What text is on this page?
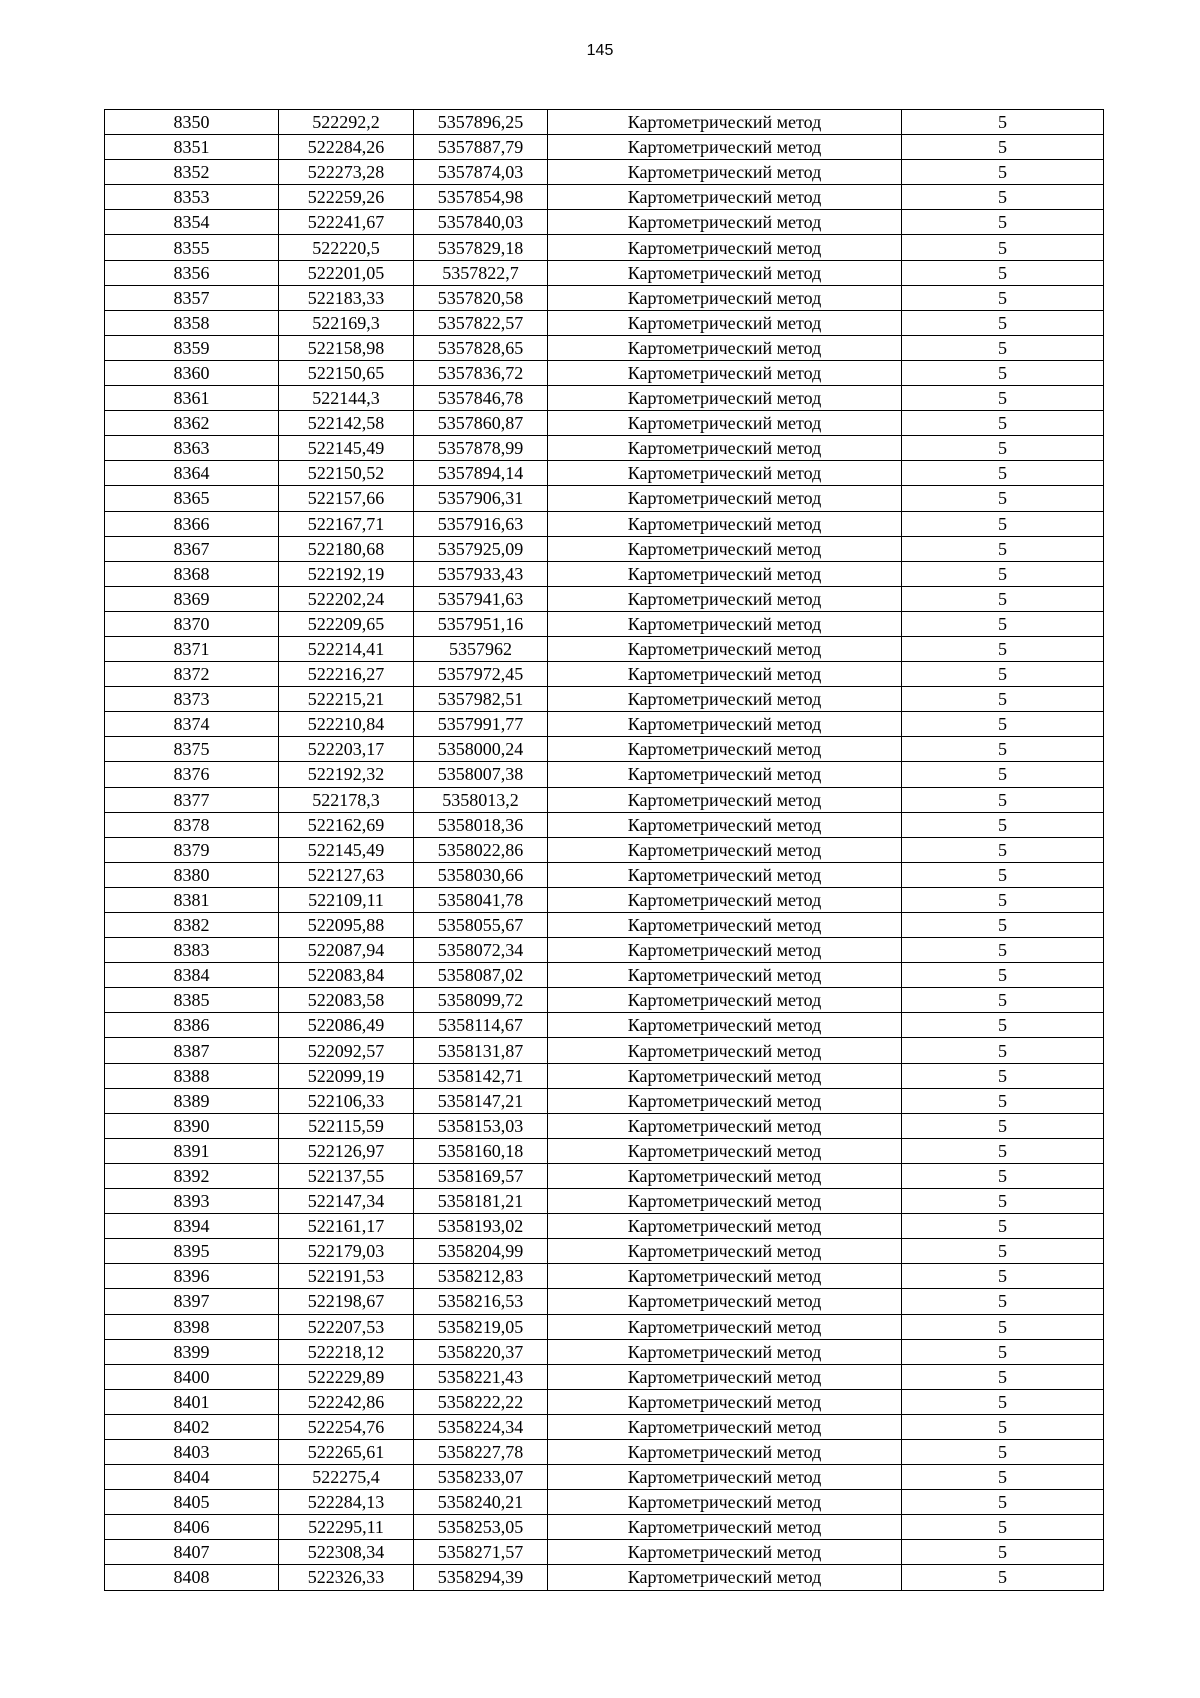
145
8350	522292,2	5357896,25	Картометрический метод	5
8351	522284,26	5357887,79	Картометрический метод	5
8352	522273,28	5357874,03	Картометрический метод	5
8353	522259,26	5357854,98	Картометрический метод	5
8354	522241,67	5357840,03	Картометрический метод	5
8355	522220,5	5357829,18	Картометрический метод	5
8356	522201,05	5357822,7	Картометрический метод	5
8357	522183,33	5357820,58	Картометрический метод	5
8358	522169,3	5357822,57	Картометрический метод	5
8359	522158,98	5357828,65	Картометрический метод	5
8360	522150,65	5357836,72	Картометрический метод	5
8361	522144,3	5357846,78	Картометрический метод	5
8362	522142,58	5357860,87	Картометрический метод	5
8363	522145,49	5357878,99	Картометрический метод	5
8364	522150,52	5357894,14	Картометрический метод	5
8365	522157,66	5357906,31	Картометрический метод	5
8366	522167,71	5357916,63	Картометрический метод	5
8367	522180,68	5357925,09	Картометрический метод	5
8368	522192,19	5357933,43	Картометрический метод	5
8369	522202,24	5357941,63	Картометрический метод	5
8370	522209,65	5357951,16	Картометрический метод	5
8371	522214,41	5357962	Картометрический метод	5
8372	522216,27	5357972,45	Картометрический метод	5
8373	522215,21	5357982,51	Картометрический метод	5
8374	522210,84	5357991,77	Картометрический метод	5
8375	522203,17	5358000,24	Картометрический метод	5
8376	522192,32	5358007,38	Картометрический метод	5
8377	522178,3	5358013,2	Картометрический метод	5
8378	522162,69	5358018,36	Картометрический метод	5
8379	522145,49	5358022,86	Картометрический метод	5
8380	522127,63	5358030,66	Картометрический метод	5
8381	522109,11	5358041,78	Картометрический метод	5
8382	522095,88	5358055,67	Картометрический метод	5
8383	522087,94	5358072,34	Картометрический метод	5
8384	522083,84	5358087,02	Картометрический метод	5
8385	522083,58	5358099,72	Картометрический метод	5
8386	522086,49	5358114,67	Картометрический метод	5
8387	522092,57	5358131,87	Картометрический метод	5
8388	522099,19	5358142,71	Картометрический метод	5
8389	522106,33	5358147,21	Картометрический метод	5
8390	522115,59	5358153,03	Картометрический метод	5
8391	522126,97	5358160,18	Картометрический метод	5
8392	522137,55	5358169,57	Картометрический метод	5
8393	522147,34	5358181,21	Картометрический метод	5
8394	522161,17	5358193,02	Картометрический метод	5
8395	522179,03	5358204,99	Картометрический метод	5
8396	522191,53	5358212,83	Картометрический метод	5
8397	522198,67	5358216,53	Картометрический метод	5
8398	522207,53	5358219,05	Картометрический метод	5
8399	522218,12	5358220,37	Картометрический метод	5
8400	522229,89	5358221,43	Картометрический метод	5
8401	522242,86	5358222,22	Картометрический метод	5
8402	522254,76	5358224,34	Картометрический метод	5
8403	522265,61	5358227,78	Картометрический метод	5
8404	522275,4	5358233,07	Картометрический метод	5
8405	522284,13	5358240,21	Картометрический метод	5
8406	522295,11	5358253,05	Картометрический метод	5
8407	522308,34	5358271,57	Картометрический метод	5
8408	522326,33	5358294,39	Картометрический метод	5
